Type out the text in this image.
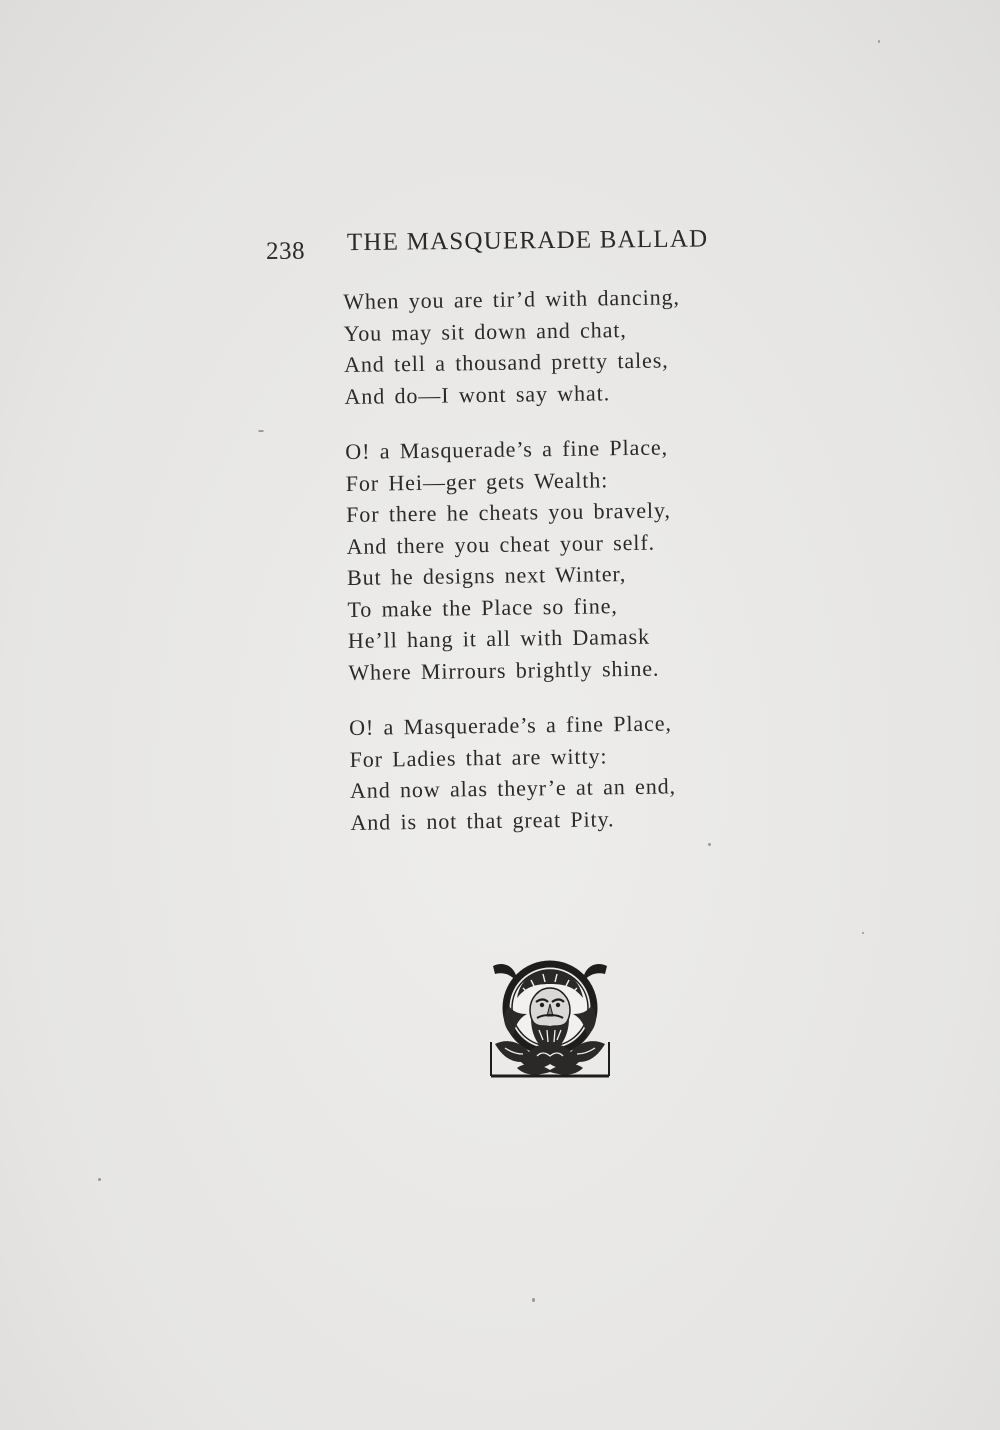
238 THE MASQUERADE BALLAD
When you are tir’d with dancing,
You may sit down and chat,
And tell a thousand pretty tales,
And do—I wont say what.
O! a Masquerade’s a fine Place,
For Hei—ger gets Wealth:
For there he cheats you bravely,
And there you cheat your self.
But he designs next Winter,
To make the Place so fine,
He’ll hang it all with Damask
Where Mirrours brightly shine.
O! a Masquerade’s a fine Place,
For Ladies that are witty:
And now alas theyr’e at an end,
And is not that great Pity.
